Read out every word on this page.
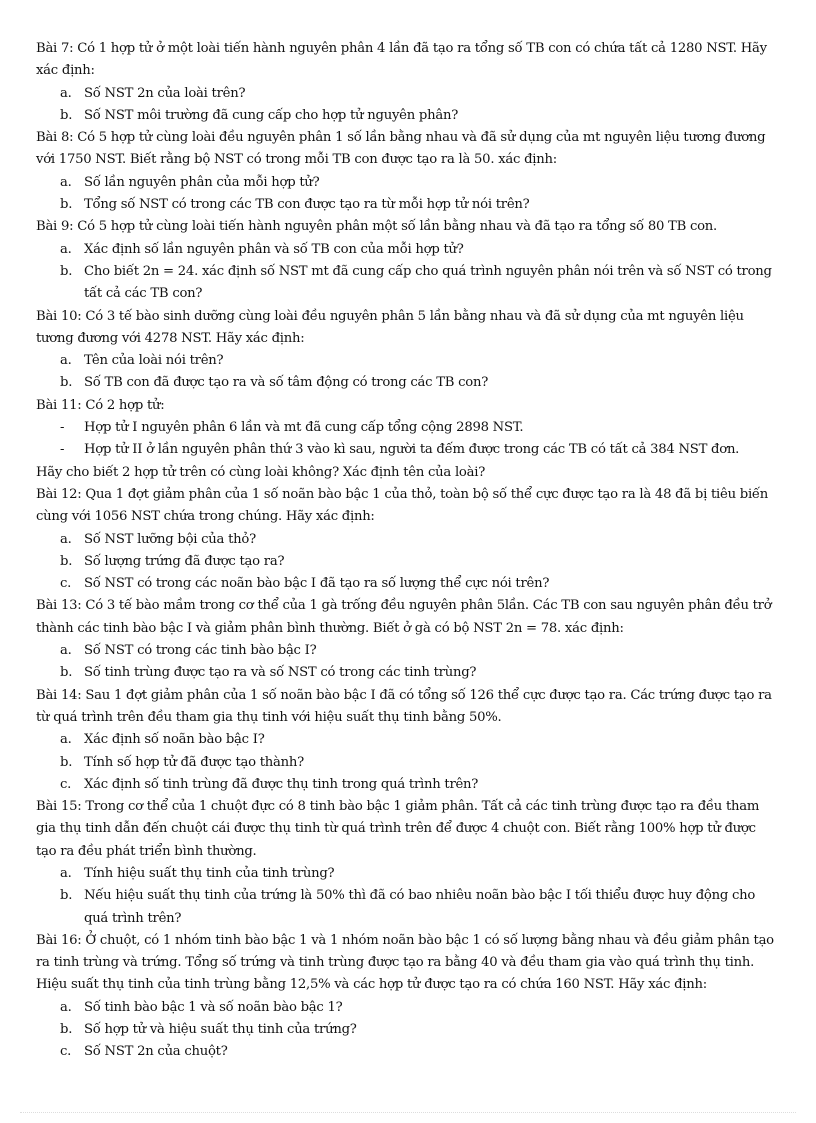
Bài 7: Có 1 hợp tử ở một loài tiến hành nguyên phân 4 lần đã tạo ra tổng số TB con có chứa tất cả 1280 NST. Hãy xác định:
a. Số NST 2n của loài trên?
b. Số NST môi trường đã cung cấp cho hợp tử nguyên phân?
Bài 8: Có 5 hợp tử cùng loài đều nguyên phân 1 số lần bằng nhau và đã sử dụng của mt nguyên liệu tương đương với 1750 NST. Biết rằng bộ NST có trong mỗi TB con được tạo ra là 50. xác định:
a. Số lần nguyên phân của mỗi hợp tử?
b. Tổng số NST có trong các TB con được tạo ra từ mỗi hợp tử nói trên?
Bài 9: Có 5 hợp tử cùng loài tiến hành nguyên phân một số lần bằng nhau và đã tạo ra tổng số 80 TB con.
a. Xác định số lần nguyên phân và số TB con của mỗi hợp tử?
b. Cho biết 2n = 24. xác định số NST mt đã cung cấp cho quá trình nguyên phân nói trên và số NST có trong tất cả các TB con?
Bài 10: Có 3 tế bào sinh dưỡng cùng loài đều nguyên phân 5 lần bằng nhau và đã sử dụng của mt nguyên liệu tương đương với 4278 NST. Hãy xác định:
a. Tên của loài nói trên?
b. Số TB con đã được tạo ra và số tâm động có trong các TB con?
Bài 11: Có 2 hợp tử:
-	Hợp tử I nguyên phân 6 lần và mt đã cung cấp tổng cộng 2898 NST.
-	Hợp tử II ở lần nguyên phân thứ 3 vào kì sau, người ta đếm được trong các TB có tất cả 384 NST đơn.
Hãy cho biết 2 hợp tử trên có cùng loài không? Xác định tên của loài?
Bài 12: Qua 1 đợt giảm phân của 1 số noãn bào bậc 1 của thỏ, toàn bộ số thể cực được tạo ra là 48 đã bị tiêu biến cùng với 1056 NST chứa trong chúng. Hãy xác định:
a. Số NST lưỡng bội của thỏ?
b. Số lượng trứng đã được tạo ra?
c. Số NST có trong các noãn bào bậc I đã tạo ra số lượng thể cực nói trên?
Bài 13: Có 3 tế bào mầm trong cơ thể của 1 gà trống đều nguyên phân 5lần. Các TB con sau nguyên phân đều trở thành các tinh bào bậc I và giảm phân bình thường. Biết ở gà có bộ NST 2n = 78. xác định:
a. Số NST có trong các tinh bào bậc I?
b. Số tinh trùng được tạo ra và số NST có trong các tinh trùng?
Bài 14: Sau 1 đợt giảm phân của 1 số noãn bào bậc I đã có tổng số 126 thể cực được tạo ra. Các trứng được tạo ra từ quá trình trên đều tham gia thụ tinh với hiệu suất thụ tinh bằng 50%.
a. Xác định số noãn bào bậc I?
b. Tính số hợp tử đã được tạo thành?
c. Xác định số tinh trùng đã được thụ tinh trong quá trình trên?
Bài 15: Trong cơ thể của 1 chuột đực có 8 tinh bào bậc 1 giảm phân. Tất cả các tinh trùng được tạo ra đều tham gia thụ tinh dẫn đến chuột cái được thụ tinh từ quá trình trên để được 4 chuột con. Biết rằng 100% hợp tử được tạo ra đều phát triển bình thường.
a. Tính hiệu suất thụ tinh của tinh trùng?
b. Nếu hiệu suất thụ tinh của trứng là 50% thì đã có bao nhiêu noãn bào bậc I tối thiểu được huy động cho quá trình trên?
Bài 16: Ở chuột, có 1 nhóm tinh bào bậc 1 và 1 nhóm noãn bào bậc 1 có số lượng bằng nhau và đều giảm phân tạo ra tinh trùng và trứng. Tổng số trứng và tinh trùng được tạo ra bằng 40 và đều tham gia vào quá trình thụ tinh. Hiệu suất thụ tinh của tinh trùng bằng 12,5% và các hợp tử được tạo ra có chứa 160 NST. Hãy xác định:
a. Số tinh bào bậc 1 và số noãn bào bậc 1?
b. Số hợp tử và hiệu suất thụ tinh của trứng?
c. Số NST 2n của chuột?
